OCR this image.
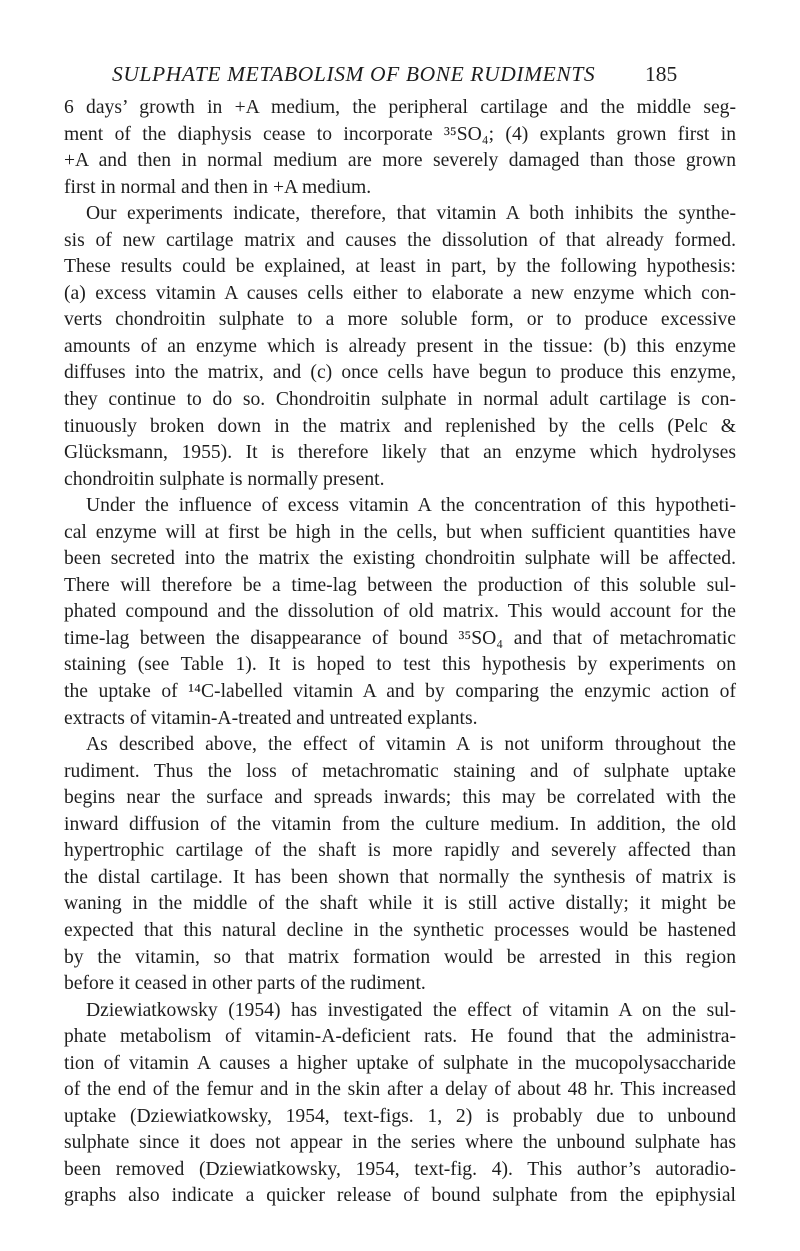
SULPHATE METABOLISM OF BONE RUDIMENTS 185
6 days’ growth in +A medium, the peripheral cartilage and the middle seg-
ment of the diaphysis cease to incorporate ³⁵SO₄; (4) explants grown first in
+A and then in normal medium are more severely damaged than those grown
first in normal and then in +A medium.
Our experiments indicate, therefore, that vitamin A both inhibits the synthe-
sis of new cartilage matrix and causes the dissolution of that already formed.
These results could be explained, at least in part, by the following hypothesis:
(a) excess vitamin A causes cells either to elaborate a new enzyme which con-
verts chondroitin sulphate to a more soluble form, or to produce excessive
amounts of an enzyme which is already present in the tissue: (b) this enzyme
diffuses into the matrix, and (c) once cells have begun to produce this enzyme,
they continue to do so. Chondroitin sulphate in normal adult cartilage is con-
tinuously broken down in the matrix and replenished by the cells (Pelc &
Glücksmann, 1955). It is therefore likely that an enzyme which hydrolyses
chondroitin sulphate is normally present.
Under the influence of excess vitamin A the concentration of this hypotheti-
cal enzyme will at first be high in the cells, but when sufficient quantities have
been secreted into the matrix the existing chondroitin sulphate will be affected.
There will therefore be a time-lag between the production of this soluble sul-
phated compound and the dissolution of old matrix. This would account for the
time-lag between the disappearance of bound ³⁵SO₄ and that of metachromatic
staining (see Table 1). It is hoped to test this hypothesis by experiments on
the uptake of ¹⁴C-labelled vitamin A and by comparing the enzymic action of
extracts of vitamin-A-treated and untreated explants.
As described above, the effect of vitamin A is not uniform throughout the
rudiment. Thus the loss of metachromatic staining and of sulphate uptake
begins near the surface and spreads inwards; this may be correlated with the
inward diffusion of the vitamin from the culture medium. In addition, the old
hypertrophic cartilage of the shaft is more rapidly and severely affected than
the distal cartilage. It has been shown that normally the synthesis of matrix is
waning in the middle of the shaft while it is still active distally; it might be
expected that this natural decline in the synthetic processes would be hastened
by the vitamin, so that matrix formation would be arrested in this region
before it ceased in other parts of the rudiment.
Dziewiatkowsky (1954) has investigated the effect of vitamin A on the sul-
phate metabolism of vitamin-A-deficient rats. He found that the administra-
tion of vitamin A causes a higher uptake of sulphate in the mucopolysaccharide
of the end of the femur and in the skin after a delay of about 48 hr. This increased
uptake (Dziewiatkowsky, 1954, text-figs. 1, 2) is probably due to unbound
sulphate since it does not appear in the series where the unbound sulphate has
been removed (Dziewiatkowsky, 1954, text-fig. 4). This author’s autoradio-
graphs also indicate a quicker release of bound sulphate from the epiphysial
